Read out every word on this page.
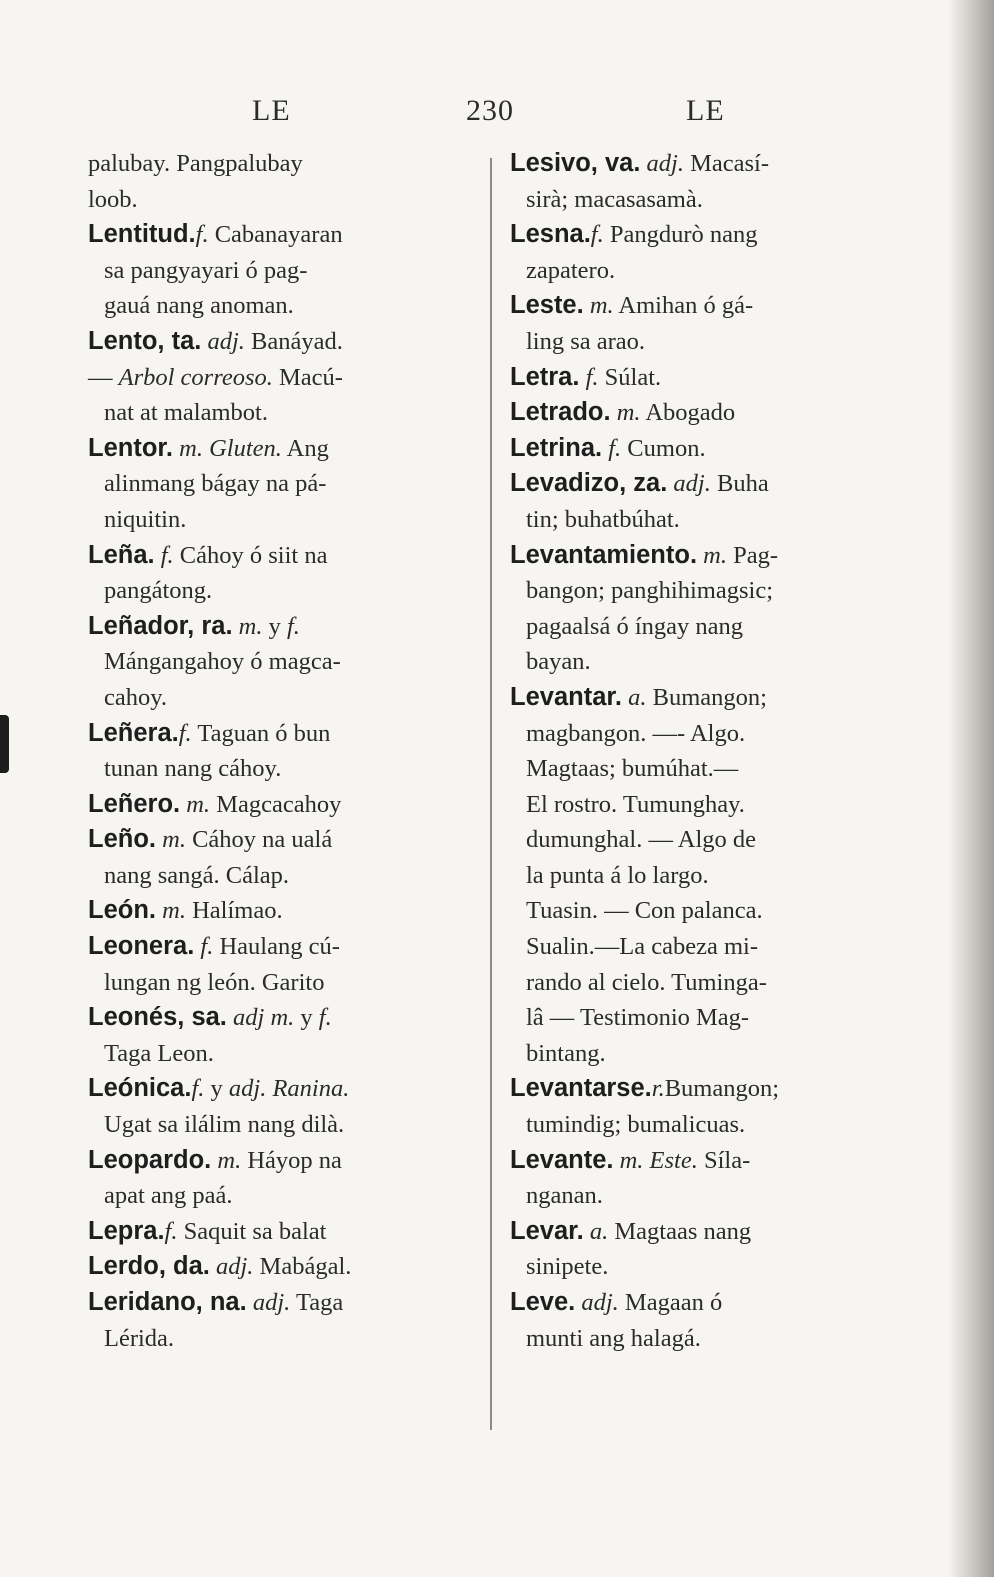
LE	230	LE
palubay. Pangpalubay
loob.
Lentitud.f. Cabanayaran
sa pangyayari ó pag-
gauá nang anoman.
Lento, ta. adj. Banáyad.
— Arbol correoso. Macú-
nat at malambot.
Lentor. m. Gluten. Ang
alinmang bágay na pá-
niquitin.
Leña. f. Cáhoy ó siit na
pangátong.
Leñador, ra. m. y f.
Mángangahoy ó magca-
cahoy.
Leñera.f. Taguan ó bun
tunan nang cáhoy.
Leñero. m. Magcacahoy
Leño. m. Cáhoy na ualá
nang sangá. Cálap.
León. m. Halímao.
Leonera. f. Haulang cú-
lungan ng león. Garito
Leonés, sa. adj m. y f.
Taga Leon.
Leónica.f. y adj. Ranina.
Ugat sa ilálim nang dilà.
Leopardo. m. Háyop na
apat ang paá.
Lepra.f. Saquit sa balat
Lerdo, da. adj. Mabágal.
Leridano, na. adj. Taga
Lérida.
Lesivo, va. adj. Macasí-
sirà; macasasamà.
Lesna.f. Pangdurò nang
zapatero.
Leste. m. Amihan ó gá-
ling sa arao.
Letra. f. Súlat.
Letrado. m. Abogado
Letrina. f. Cumon.
Levadizo, za. adj. Buha
tin; buhatbúhat.
Levantamiento. m. Pag-
bangon; panghihimagsic;
pagaalsá ó íngay nang
bayan.
Levantar. a. Bumangon;
magbangon. —- Algo.
Magtaas; bumúhat.—
El rostro. Tumunghay.
dumunghal. — Algo de
la punta á lo largo.
Tuasin. — Con palanca.
Sualin.—La cabeza mi-
rando al cielo. Tuminga-
lâ — Testimonio Mag-
bintang.
Levantarse.r.Bumangon;
tumindig; bumalicuas.
Levante. m. Este. Síla-
nganan.
Levar. a. Magtaas nang
sinipete.
Leve. adj. Magaan ó
munti ang halagá.
